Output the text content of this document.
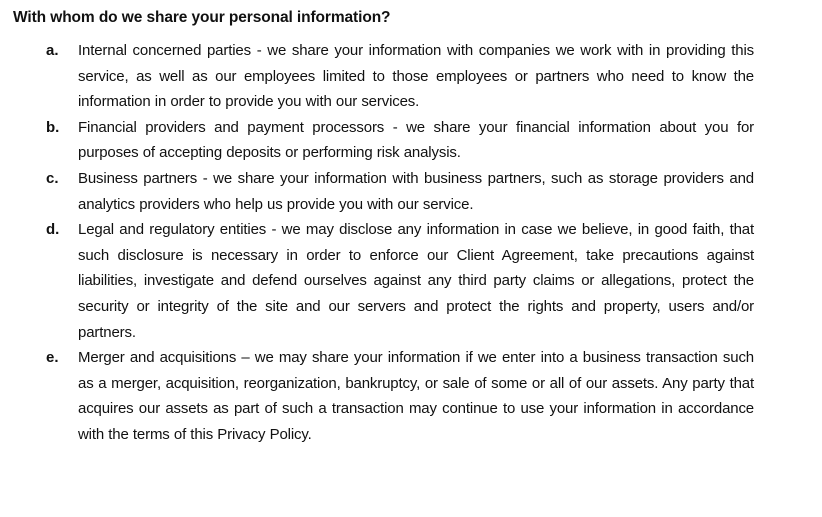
With whom do we share your personal information?
a.	Internal concerned parties - we share your information with companies we work with in providing this service, as well as our employees limited to those employees or partners who need to know the information in order to provide you with our services.
b.	Financial providers and payment processors - we share your financial information about you for purposes of accepting deposits or performing risk analysis.
c.	Business partners - we share your information with business partners, such as storage providers and analytics providers who help us provide you with our service.
d.	Legal and regulatory entities - we may disclose any information in case we believe, in good faith, that such disclosure is necessary in order to enforce our Client Agreement, take precautions against liabilities, investigate and defend ourselves against any third party claims or allegations, protect the security or integrity of the site and our servers and protect the rights and property, users and/or partners.
e.	Merger and acquisitions – we may share your information if we enter into a business transaction such as a merger, acquisition, reorganization, bankruptcy, or sale of some or all of our assets. Any party that acquires our assets as part of such a transaction may continue to use your information in accordance with the terms of this Privacy Policy.
